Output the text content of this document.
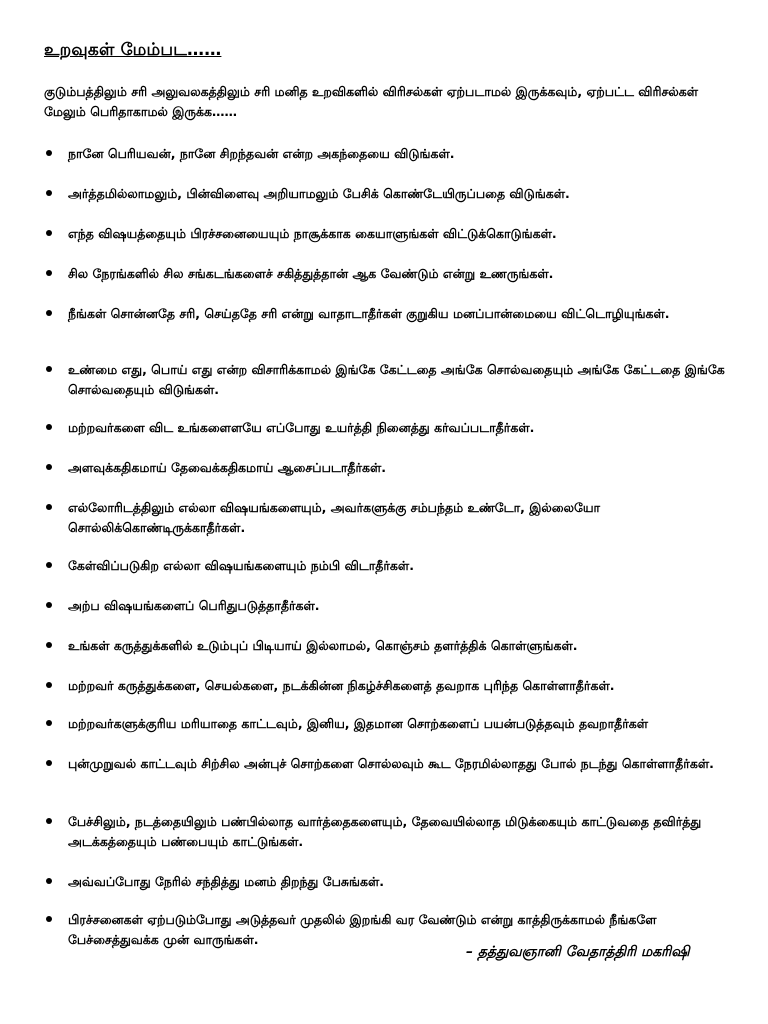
உறவுகள் மேம்பட……
குடும்பத்திலும் சரி அலுவலகத்திலும் சரி மனித உறவிகளில் விரிசல்கள் ஏற்படாமல் இருக்கவும், ஏற்பட்ட விரிசல்கள் மேலும் பெரிதாகாமல் இருக்க……
நானே பெரியவன், நானே சிறந்தவன் என்ற அகந்தையை விடுங்கள்.
அர்த்தமில்லாமலும், பின்விளைவு அறியாமலும் பேசிக் கொண்டேயிருப்பதை விடுங்கள்.
எந்த விஷயத்தையும் பிரச்சனையையும் நாசூக்காக கையாளுங்கள் விட்டுக்கொடுங்கள்.
சில நேரங்களில் சில சங்கடங்களைச் சகித்துத்தான் ஆக வேண்டும் என்று உணருங்கள்.
நீங்கள் சொன்னதே சரி, செய்ததே சரி என்று வாதாடாதீர்கள் குறுகிய மனப்பான்மையை விட்டொழியுங்கள்.
உண்மை எது, பொய் எது என்ற விசாரிக்காமல் இங்கே கேட்டதை அங்கே சொல்வதையும் அங்கே கேட்டதை இங்கே சொல்வதையும் விடுங்கள்.
மற்றவர்களை விட உங்களைளயே எப்போது உயர்த்தி நினைத்து கர்வப்படாதீர்கள்.
அளவுக்கதிகமாய் தேவைக்கதிகமாய் ஆசைப்படாதீர்கள்.
எல்லோரிடத்திலும் எல்லா விஷயங்களையும், அவர்களுக்கு சம்பந்தம் உண்டோ, இல்லையோ சொல்லிக்கொண்டிருக்காதீர்கள்.
கேள்விப்படுகிற எல்லா விஷயங்களையும் நம்பி விடாதீர்கள்.
அற்ப விஷயங்களைப் பெரிதுபடுத்தாதீர்கள்.
உங்கள் கருத்துக்களில் உடும்புப் பிடியாய் இல்லாமல், கொஞ்சம் தளர்த்திக் கொள்ளுங்கள்.
மற்றவர் கருத்துக்களை, செயல்களை, நடக்கின்ன நிகழ்ச்சிகளைத் தவறாக புரிந்த கொள்ளாதீர்கள்.
மற்றவர்களுக்குரிய மரியாதை காட்டவும், இனிய, இதமான சொற்களைப் பயன்படுத்தவும் தவறாதீர்கள்
புன்முறுவல் காட்டவும் சிற்சில அன்புச் சொற்களை சொல்லவும் கூட நேரமில்லாதது போல் நடந்து கொள்ளாதீர்கள்.
பேச்சிலும், நடத்தையிலும் பண்பில்லாத வார்த்தைகளையும், தேவையில்லாத மிடுக்கையும் காட்டுவதை தவிர்த்து அடக்கத்தையும் பண்பையும் காட்டுங்கள்.
அவ்வப்போது நேரில் சந்தித்து மனம் திறந்து பேசுங்கள்.
பிரச்சனைகள் ஏற்படும்போது அடுத்தவர் முதலில் இறங்கி வர வேண்டும் என்று காத்திருக்காமல் நீங்களே பேச்சைத்துவக்க முன் வாருங்கள்.
– தத்துவஞானி வேதாத்திரி மகரிஷி
